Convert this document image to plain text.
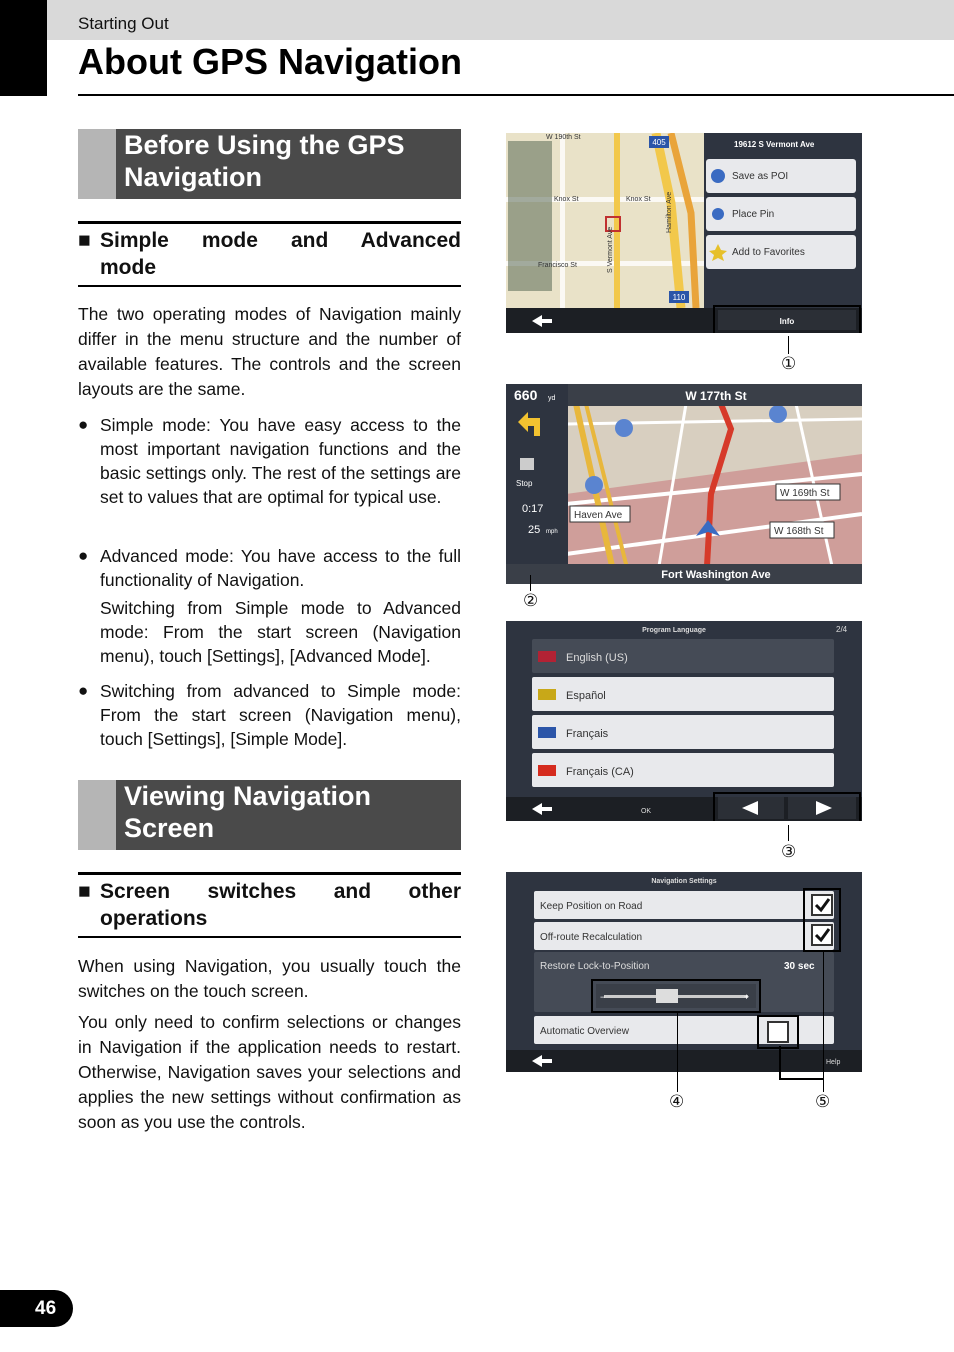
Starting Out
About GPS Navigation
Before Using the GPS
Navigation
■ Simple mode and Advanced
mode
The two operating modes of Navigation mainly differ in the menu structure and the number of available features. The controls and the screen layouts are the same.
● Simple mode: You have easy access to the most important navigation functions and the basic settings only. The rest of the settings are set to values that are optimal for typical use.
● Advanced mode: You have access to the full functionality of Navigation.
Switching from Simple mode to Advanced mode: From the start screen (Navigation menu), touch [Settings], [Advanced Mode].
● Switching from advanced to Simple mode: From the start screen (Navigation menu), touch [Settings], [Simple Mode].
Viewing Navigation
Screen
■ Screen switches and other
operations
When using Navigation, you usually touch the switches on the touch screen.
You only need to confirm selections or changes in Navigation if the application needs to restart. Otherwise, Navigation saves your selections and applies the new settings without confirmation as soon as you use the controls.
W 190th St
Knox St	Knox St
Francisco St	S Vermont Ave
Hamilton Ave
405
110
19612 S Vermont Ave
Save as POI
Place Pin
Add to Favorites
Info
①
W 177th St
660 yd
Stop
0:17
25 mph
Haven Ave
W 169th St
W 168th St
Fort Washington Ave
②
Program Language	2/4
English (US)
Español
Français
Français (CA)
OK
③
Navigation Settings
Keep Position on Road
Off-route Recalculation
Restore Lock-to-Position	30 sec
−	+
Automatic Overview
Help
④	⑤
46
